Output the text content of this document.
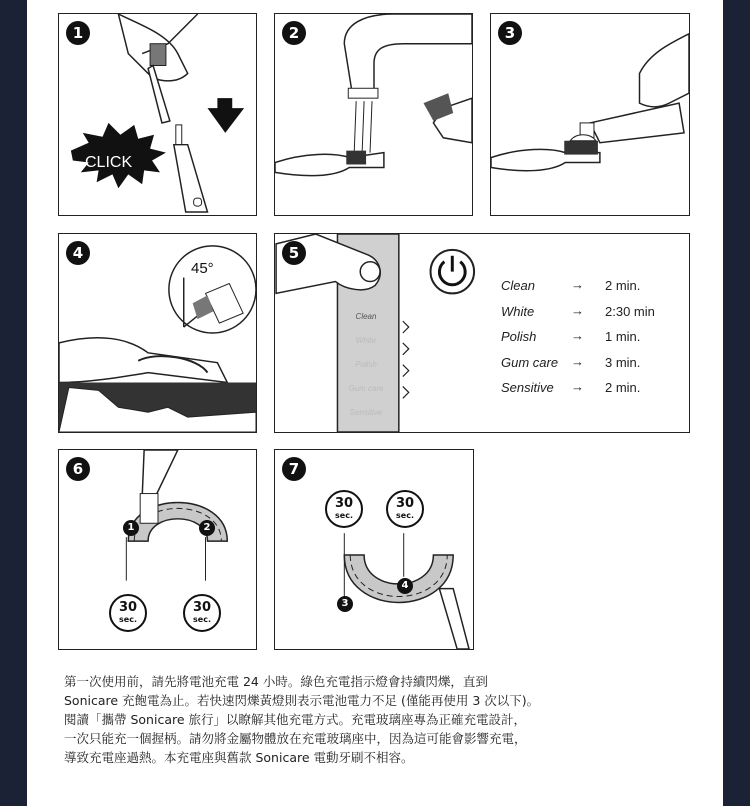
1
CLICK
2	3
4
45°
5
Clean
White
Polish
Gum care
Sensitive
Clean	→ 2 min.
White	→ 2:30 min
Polish	→ 1 min.
Gum care → 3 min.
Sensitive → 2 min.
6
1	2
30
sec.
30
sec.
7
30
sec.
30
sec.
3
4

第一次使用前，請先將電池充電 24 小時。綠色充電指示燈會持續閃爍，直到

Sonicare 充飽電為止。若快速閃爍黃燈則表示電池電力不足 (僅能再使用 3 次以下)。

閱讀「攜帶 Sonicare 旅行」以瞭解其他充電方式。充電玻璃座專為正確充電設計，

一次只能充一個握柄。請勿將金屬物體放在充電玻璃座中，因為這可能會影響充電，

導致充電座過熱。本充電座與舊款 Sonicare 電動牙刷不相容。
